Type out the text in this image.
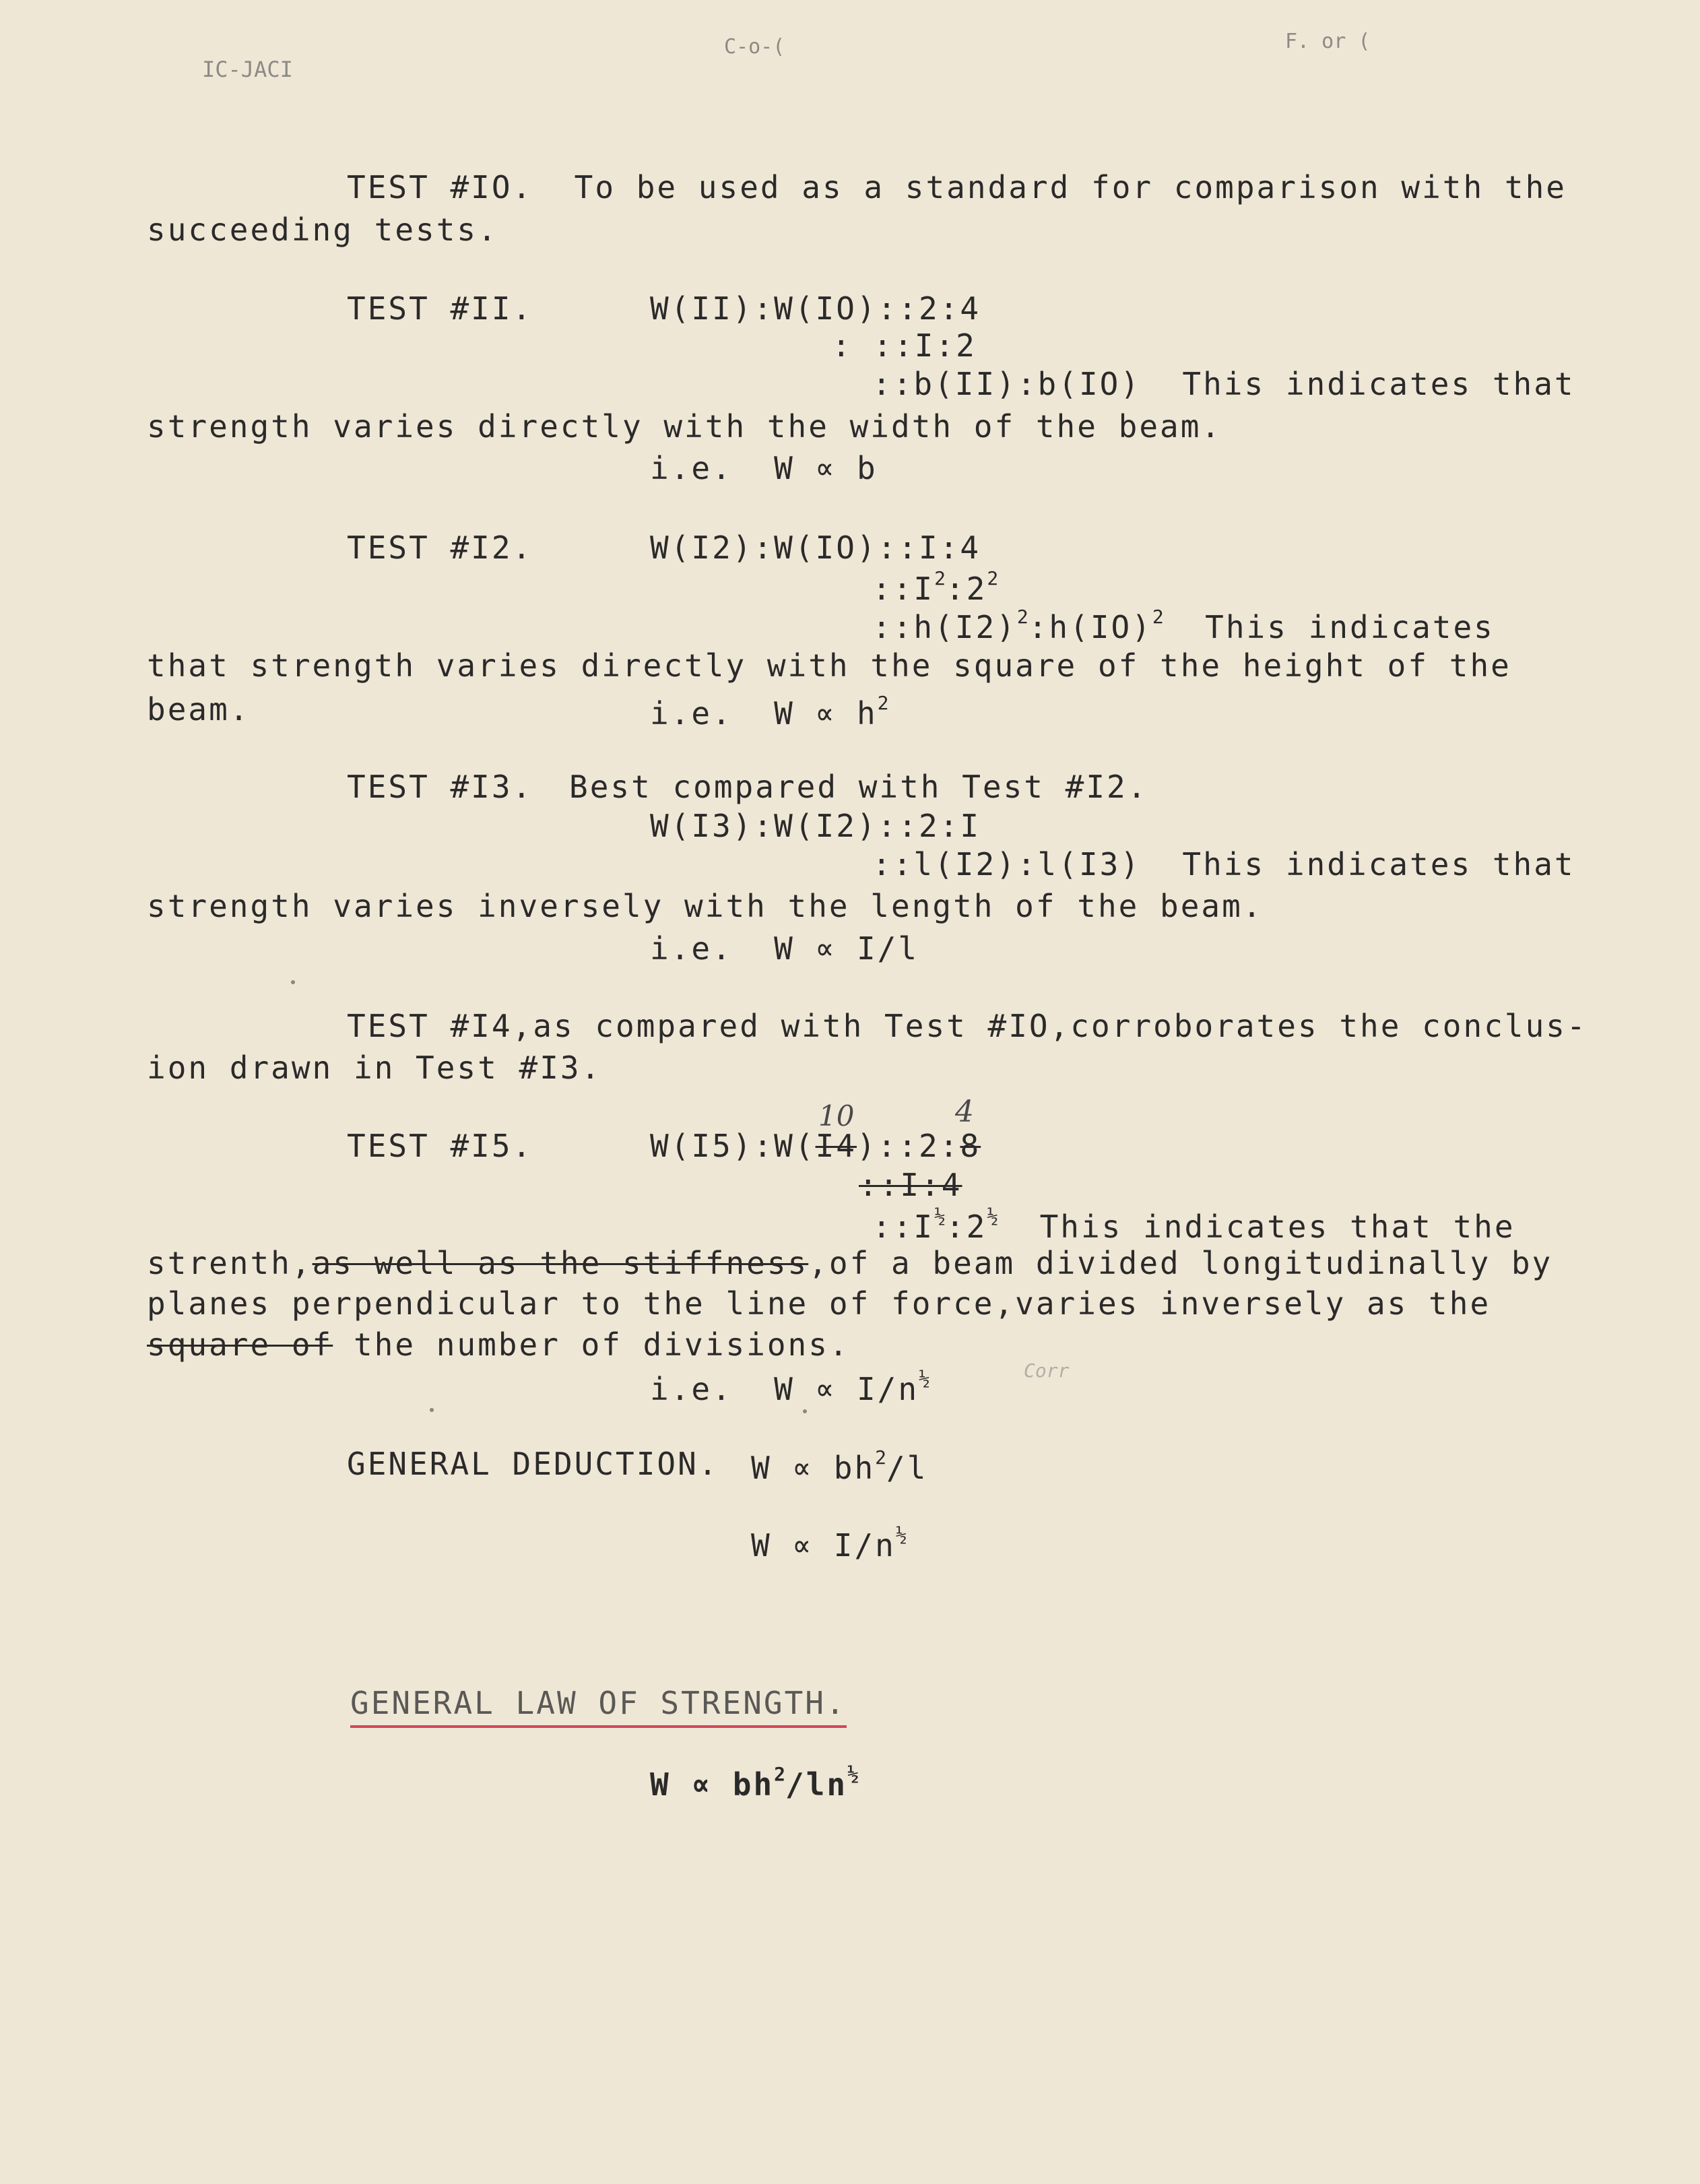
IC-JACI
C-o-(	F. or (
TEST #IO.  To be used as a standard for comparison with the
succeeding tests.
TEST #II.	W(II):W(IO)::2:4
: ::I:2
::b(II):b(IO)  This indicates that
strength varies directly with the width of the beam.
i.e.  W ∝ b
TEST #I2.	W(I2):W(IO)::I:4
$::I^2:2^2$
$::h(I2)^2:h(IO)^2$  This indicates
that strength varies directly with the square of the height of the
beam.	i.e.  $W \propto h^2$
TEST #I3. Best compared with Test #I2.
W(I3):W(I2)::2:I
::l(I2):l(I3)  This indicates that
strength varies inversely with the length of the beam.
i.e.  W ∝ I/l
TEST #I4,as compared with Test #IO,corroborates the conclus-
ion drawn in Test #I3.
10	4
TEST #I5.	W(I5):W(I4)::2:8
::I:4
$::I^{\frac{1}{2}}:2^{\frac{1}{2}}$  This indicates that the
strenth,as well as the stiffness,of a beam divided longitudinally by
planes perpendicular to the line of force,varies inversely as the
square of the number of divisions.
i.e.  $W \propto I/n^{\frac{1}{2}}$	Corr
GENERAL DEDUCTION. $W \propto bh^2/l$
$W \propto I/n^{\frac{1}{2}}$
GENERAL LAW OF STRENGTH.
$W \propto bh^2/\ln^{\frac{1}{2}}$
